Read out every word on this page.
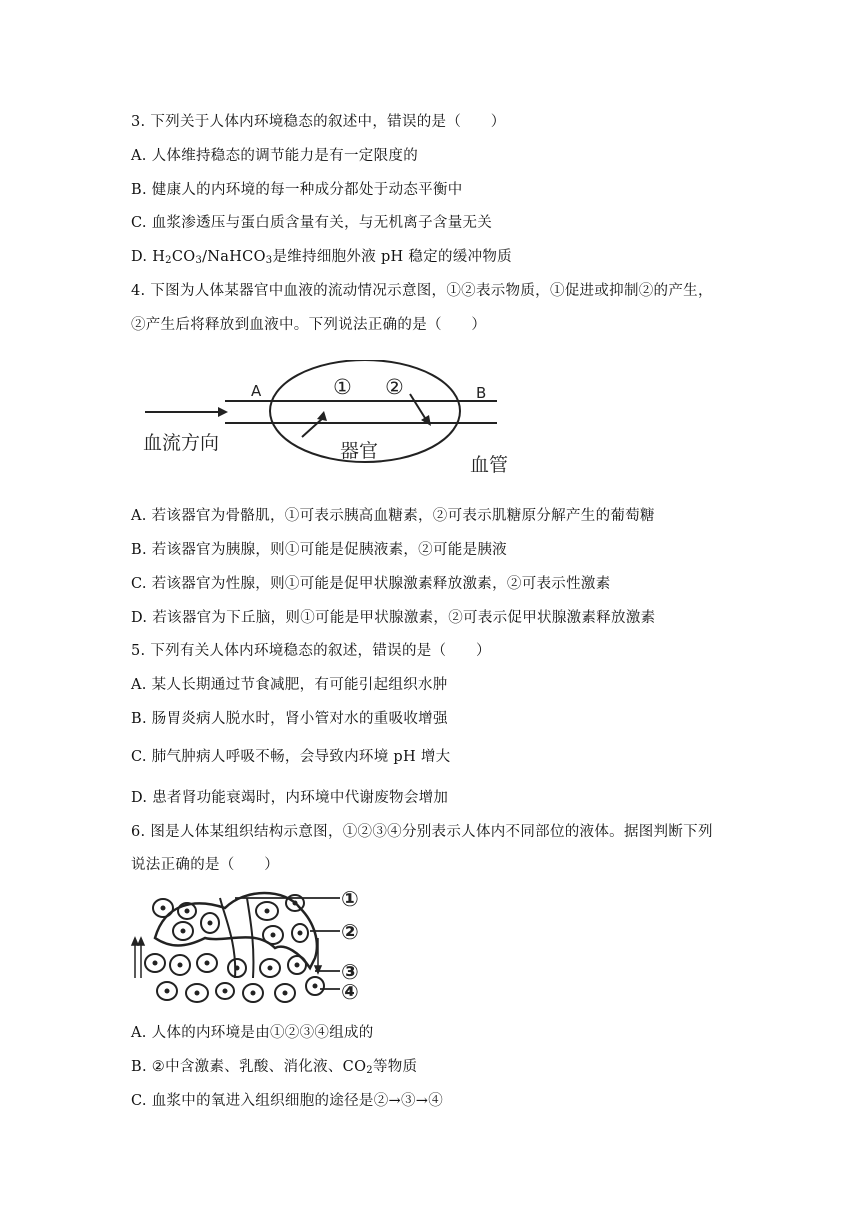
3. 下列关于人体内环境稳态的叙述中，错误的是（　　）
A. 人体维持稳态的调节能力是有一定限度的
B. 健康人的内环境的每一种成分都处于动态平衡中
C. 血浆渗透压与蛋白质含量有关，与无机离子含量无关
D. $H_2CO_3/NaHCO_3$是维持细胞外液 pH 稳定的缓冲物质
4. 下图为人体某器官中血液的流动情况示意图，①②表示物质，①促进或抑制②的产生，
②产生后将释放到血液中。下列说法正确的是（　　）
A	B
① ②
血流方向	器官
血管
A. 若该器官为骨骼肌，①可表示胰高血糖素，②可表示肌糖原分解产生的葡萄糖
B. 若该器官为胰腺，则①可能是促胰液素，②可能是胰液
C. 若该器官为性腺，则①可能是促甲状腺激素释放激素，②可表示性激素
D. 若该器官为下丘脑，则①可能是甲状腺激素，②可表示促甲状腺激素释放激素
5. 下列有关人体内环境稳态的叙述，错误的是（　　）
A. 某人长期通过节食减肥，有可能引起组织水肿
B. 肠胃炎病人脱水时，肾小管对水的重吸收增强
C. 肺气肿病人呼吸不畅，会导致内环境 pH 增大
D. 患者肾功能衰竭时，内环境中代谢废物会增加
6. 图是人体某组织结构示意图，①②③④分别表示人体内不同部位的液体。据图判断下列
说法正确的是（　　）
①
②
③
④
A. 人体的内环境是由①②③④组成的
B. ②中含激素、乳酸、消化液、$CO_2$等物质
C. 血浆中的氧进入组织细胞的途径是②→③→④
